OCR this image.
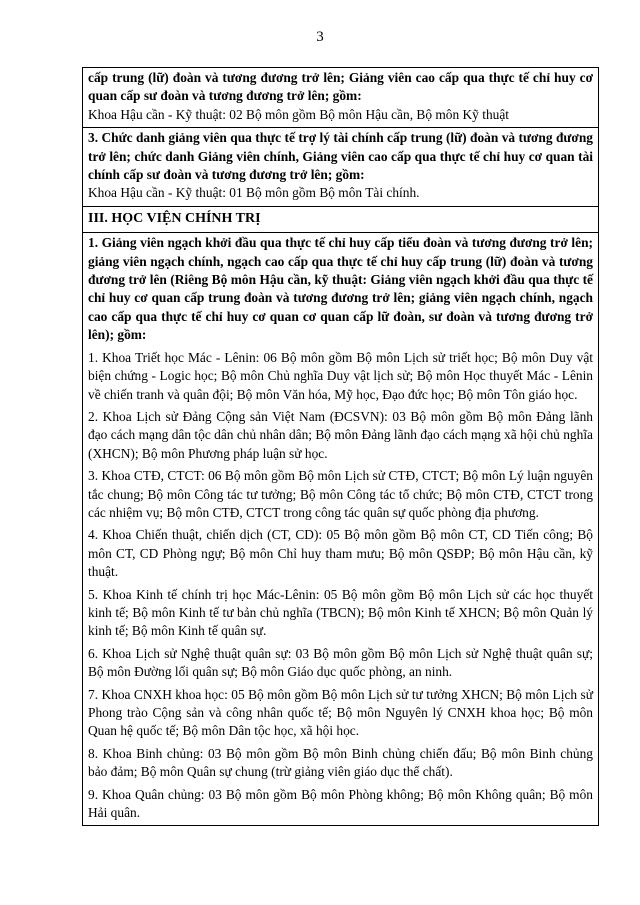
3

cấp trung (lữ) đoàn và tương đương trở lên; Giảng viên cao cấp qua thực tế chỉ huy cơ quan cấp sư đoàn và tương đương trở lên; gồm:

Khoa Hậu cần - Kỹ thuật: 02 Bộ môn gồm Bộ môn Hậu cần, Bộ môn Kỹ thuật

3. Chức danh giảng viên qua thực tế trợ lý tài chính cấp trung (lữ) đoàn và tương đương trở lên; chức danh Giảng viên chính, Giảng viên cao cấp qua thực tế chỉ huy cơ quan tài chính cấp sư đoàn và tương đương trở lên; gồm:

Khoa Hậu cần - Kỹ thuật: 01 Bộ môn gồm Bộ môn Tài chính.

III. HỌC VIỆN CHÍNH TRỊ

1. Giảng viên ngạch khởi đầu qua thực tế chỉ huy cấp tiểu đoàn và tương đương trở lên; giảng viên ngạch chính, ngạch cao cấp qua thực tế chỉ huy cấp trung (lữ) đoàn và tương đương trở lên (Riêng Bộ môn Hậu cần, kỹ thuật: Giảng viên ngạch khởi đầu qua thực tế chỉ huy cơ quan cấp trung đoàn và tương đương trở lên; giảng viên ngạch chính, ngạch cao cấp qua thực tế chỉ huy cơ quan cơ quan cấp lữ đoàn, sư đoàn và tương đương trở lên); gồm:

1. Khoa Triết học Mác - Lênin: 06 Bộ môn gồm Bộ môn Lịch sử triết học; Bộ môn Duy vật biện chứng - Logic học; Bộ môn Chủ nghĩa Duy vật lịch sử; Bộ môn Học thuyết Mác - Lênin về chiến tranh và quân đội; Bộ môn Văn hóa, Mỹ học, Đạo đức học; Bộ môn Tôn giáo học.

2. Khoa Lịch sử Đảng Cộng sản Việt Nam (ĐCSVN): 03 Bộ môn gồm Bộ môn Đảng lãnh đạo cách mạng dân tộc dân chủ nhân dân; Bộ môn Đảng lãnh đạo cách mạng xã hội chủ nghĩa (XHCN); Bộ môn Phương pháp luận sử học.

3. Khoa CTĐ, CTCT: 06 Bộ môn gồm Bộ môn Lịch sử CTĐ, CTCT; Bộ môn Lý luận nguyên tắc chung; Bộ môn Công tác tư tưởng; Bộ môn Công tác tổ chức; Bộ môn CTĐ, CTCT trong các nhiệm vụ; Bộ môn CTĐ, CTCT trong công tác quân sự quốc phòng địa phương.

4. Khoa Chiến thuật, chiến dịch (CT, CD): 05 Bộ môn gồm Bộ môn CT, CD Tiến công; Bộ môn CT, CD Phòng ngự; Bộ môn Chỉ huy tham mưu; Bộ môn QSĐP; Bộ môn Hậu cần, kỹ thuật.

5. Khoa Kinh tế chính trị học Mác-Lênin: 05 Bộ môn gồm Bộ môn Lịch sử các học thuyết kinh tế; Bộ môn Kinh tế tư bản chủ nghĩa (TBCN); Bộ môn Kinh tế XHCN; Bộ môn Quản lý kinh tế; Bộ môn Kinh tế quân sự.

6. Khoa Lịch sử Nghệ thuật quân sự: 03 Bộ môn gồm Bộ môn Lịch sử Nghệ thuật quân sự; Bộ môn Đường lối quân sự; Bộ môn Giáo dục quốc phòng, an ninh.

7. Khoa CNXH khoa học: 05 Bộ môn gồm Bộ môn Lịch sử tư tưởng XHCN; Bộ môn Lịch sử Phong trào Cộng sản và công nhân quốc tế; Bộ môn Nguyên lý CNXH khoa học; Bộ môn Quan hệ quốc tế; Bộ môn Dân tộc học, xã hội học.

8. Khoa Binh chủng: 03 Bộ môn gồm Bộ môn Binh chủng chiến đấu; Bộ môn Binh chủng bảo đảm; Bộ môn Quân sự chung (trừ giảng viên giáo dục thể chất).

9. Khoa Quân chủng: 03 Bộ môn gồm Bộ môn Phòng không; Bộ môn Không quân; Bộ môn Hải quân.
